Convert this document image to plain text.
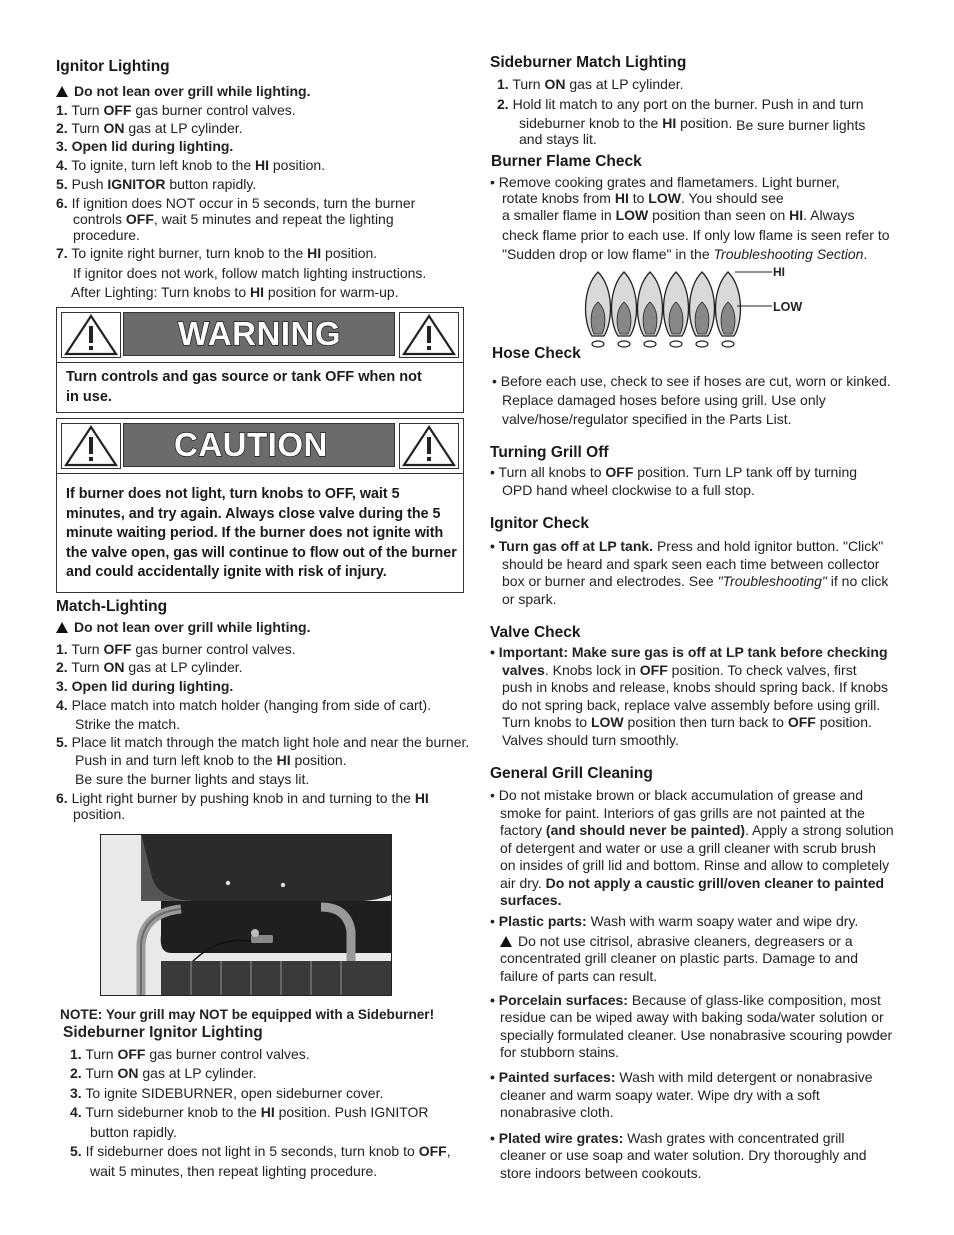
Ignitor Lighting
Do not lean over grill while lighting.
1. Turn OFF gas burner control valves.
2. Turn ON gas at LP cylinder.
3. Open lid during lighting.
4. To ignite, turn left knob to the HI position.
5. Push IGNITOR button rapidly.
6. If ignition does NOT occur in 5 seconds, turn the burner
controls OFF, wait 5 minutes and repeat the lighting
procedure.
7. To ignite right burner, turn knob to the HI position.
If ignitor does not work, follow match lighting instructions.
After Lighting: Turn knobs to HI position for warm-up.
WARNING
Turn controls and gas source or tank OFF when not
in use.
CAUTION
If burner does not light, turn knobs to OFF, wait 5
minutes, and try again. Always close valve during the 5
minute waiting period. If the burner does not ignite with
the valve open, gas will continue to flow out of the burner
and could accidentally ignite with risk of injury.
Match-Lighting
Do not lean over grill while lighting.
1. Turn OFF gas burner control valves.
2. Turn ON gas at LP cylinder.
3. Open lid during lighting.
4. Place match into match holder (hanging from side of cart).
Strike the match.
5. Place lit match through the match light hole and near the burner.
Push in and turn left knob to the HI position.
Be sure the burner lights and stays lit.
6. Light right burner by pushing knob in and turning to the HI
position.
NOTE: Your grill may NOT be equipped with a Sideburner!
Sideburner Ignitor Lighting
1. Turn OFF gas burner control valves.
2. Turn ON gas at LP cylinder.
3. To ignite SIDEBURNER, open sideburner cover.
4. Turn sideburner knob to the HI position. Push IGNITOR
button rapidly.
5. If sideburner does not light in 5 seconds, turn knob to OFF,
wait 5 minutes, then repeat lighting procedure.
Sideburner Match Lighting
1. Turn ON gas at LP cylinder.
2. Hold lit match to any port on the burner. Push in and turn
sideburner knob to the HI position. Be sure burner lights
and stays lit.
Burner Flame Check
• Remove cooking grates and flametamers. Light burner,
rotate knobs from HI to LOW. You should see
a smaller flame in LOW position than seen on HI. Always
check flame prior to each use. If only low flame is seen refer to
"Sudden drop or low flame" in the Troubleshooting Section.
HI
LOW
Hose Check
• Before each use, check to see if hoses are cut, worn or kinked.
Replace damaged hoses before using grill. Use only
valve/hose/regulator specified in the Parts List.
Turning Grill Off
• Turn all knobs to OFF position. Turn LP tank off by turning
OPD hand wheel clockwise to a full stop.
Ignitor Check
• Turn gas off at LP tank. Press and hold ignitor button. "Click"
should be heard and spark seen each time between collector
box or burner and electrodes. See "Troubleshooting" if no click
or spark.
Valve Check
• Important: Make sure gas is off at LP tank before checking
valves. Knobs lock in OFF position. To check valves, first
push in knobs and release, knobs should spring back. If knobs
do not spring back, replace valve assembly before using grill.
Turn knobs to LOW position then turn back to OFF position.
Valves should turn smoothly.
General Grill Cleaning
• Do not mistake brown or black accumulation of grease and
smoke for paint. Interiors of gas grills are not painted at the
factory (and should never be painted). Apply a strong solution
of detergent and water or use a grill cleaner with scrub brush
on insides of grill lid and bottom. Rinse and allow to completely
air dry. Do not apply a caustic grill/oven cleaner to painted
surfaces.
• Plastic parts: Wash with warm soapy water and wipe dry.
Do not use citrisol, abrasive cleaners, degreasers or a
concentrated grill cleaner on plastic parts. Damage to and
failure of parts can result.
• Porcelain surfaces: Because of glass-like composition, most
residue can be wiped away with baking soda/water solution or
specially formulated cleaner. Use nonabrasive scouring powder
for stubborn stains.
• Painted surfaces: Wash with mild detergent or nonabrasive
cleaner and warm soapy water. Wipe dry with a soft
nonabrasive cloth.
• Plated wire grates: Wash grates with concentrated grill
cleaner or use soap and water solution. Dry thoroughly and
store indoors between cookouts.
